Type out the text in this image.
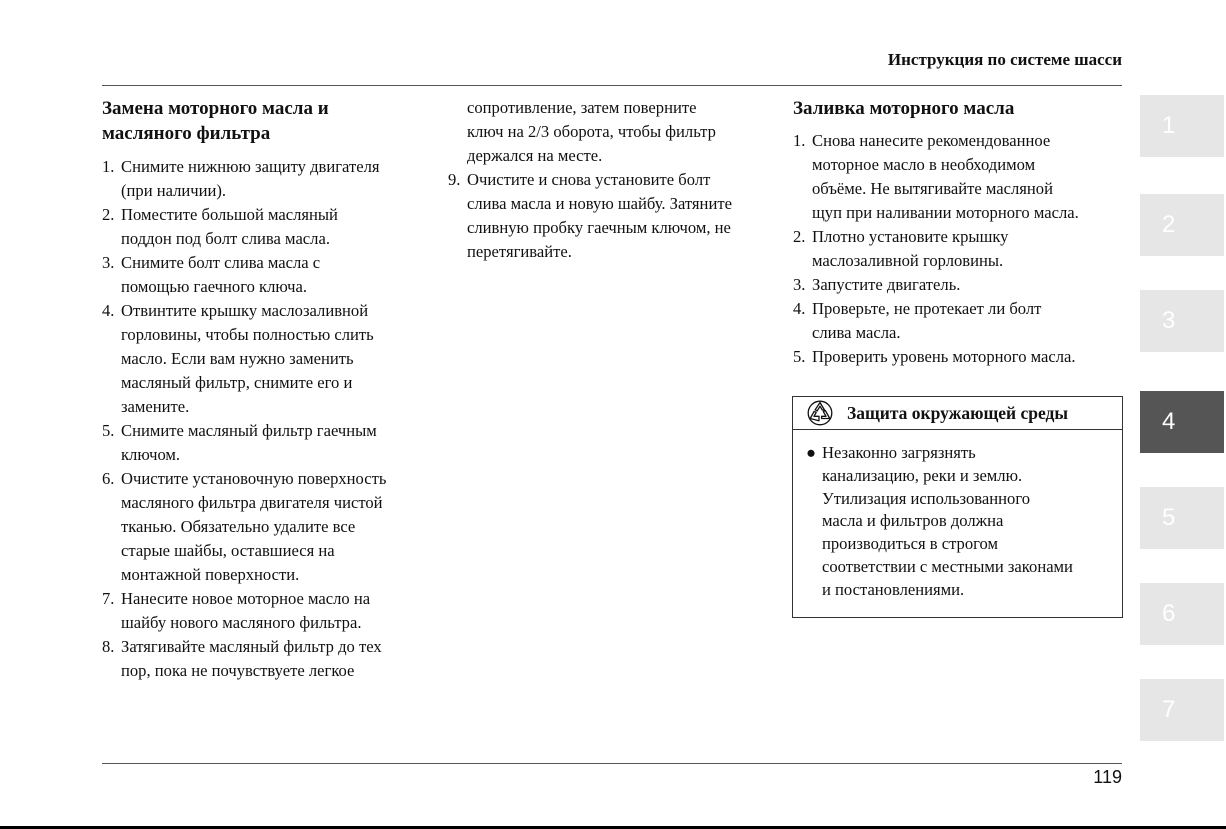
Инструкция по системе шасси
Замена моторного масла и
масляного фильтра
1. Снимите нижнюю защиту двигателя
(при наличии).
2. Поместите большой масляный
поддон под болт слива масла.
3. Снимите болт слива масла с
помощью гаечного ключа.
4. Отвинтите крышку маслозаливной
горловины, чтобы полностью слить
масло. Если вам нужно заменить
масляный фильтр, снимите его и
замените.
5. Снимите масляный фильтр гаечным
ключом.
6. Очистите установочную поверхность
масляного фильтра двигателя чистой
тканью. Обязательно удалите все
старые шайбы, оставшиеся на
монтажной поверхности.
7. Нанесите новое моторное масло на
шайбу нового масляного фильтра.
8. Затягивайте масляный фильтр до тех
пор, пока не почувствуете легкое

сопротивление, затем поверните

ключ на 2/3 оборота, чтобы фильтр

держался на месте.

9. Очистите и снова установите болт
слива масла и новую шайбу. Затяните
сливную пробку гаечным ключом, не
перетягивайте.
Заливка моторного масла
1. Снова нанесите рекомендованное
моторное масло в необходимом
объёме. Не вытягивайте масляной
щуп при наливании моторного масла.
2. Плотно установите крышку
маслозаливной горловины.
3. Запустите двигатель.
4. Проверьте, не протекает ли болт
слива масла.
5. Проверить уровень моторного масла.
Защита окружающей среды
● Незаконно загрязнять
канализацию, реки и землю.
Утилизация использованного
масла и фильтров должна
производиться в строгом
соответствии с местными законами
и постановлениями.
1
2
3
4
5
6
7
119
